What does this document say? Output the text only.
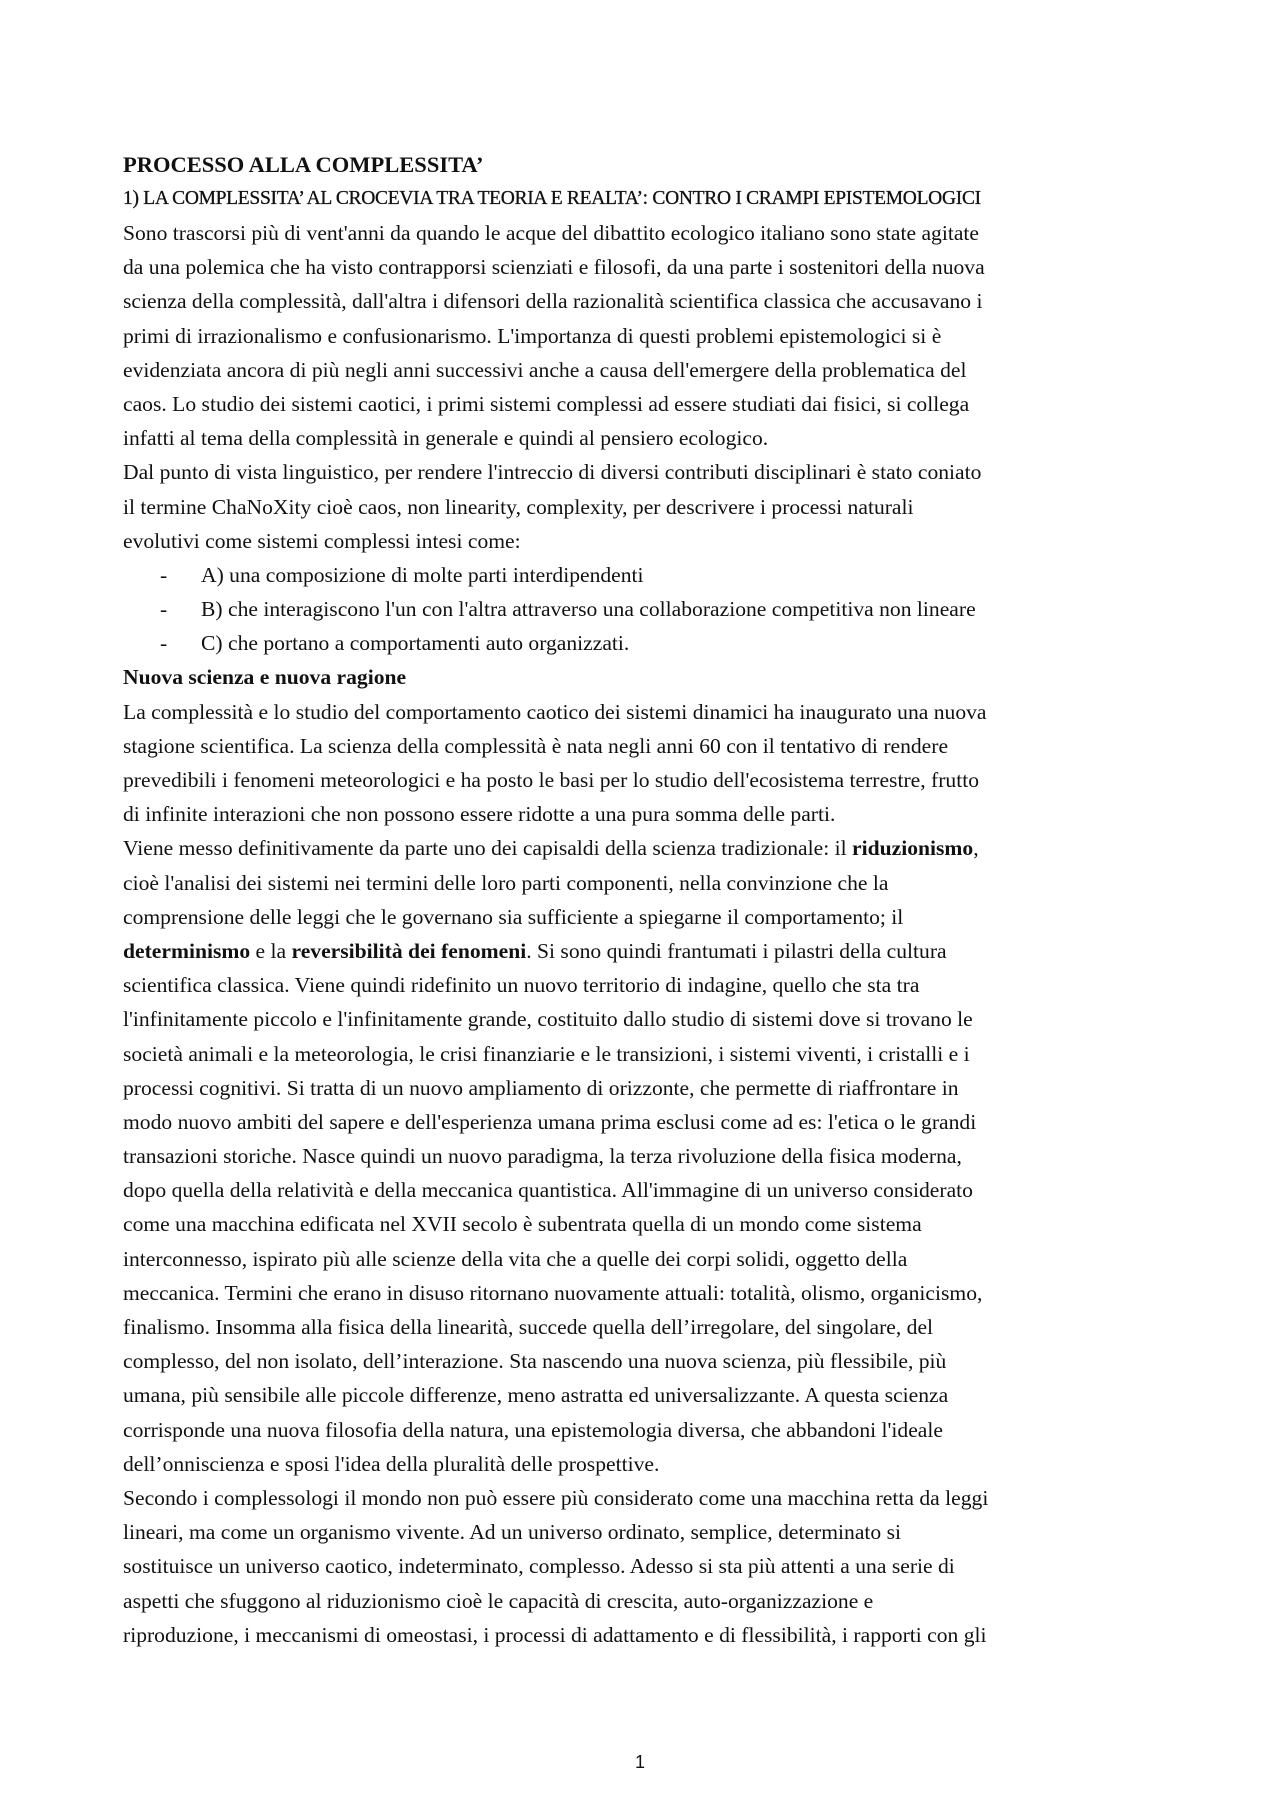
PROCESSO ALLA COMPLESSITA’
1) LA COMPLESSITA’ AL CROCEVIA TRA TEORIA E REALTA’: CONTRO I CRAMPI EPISTEMOLOGICI
Sono trascorsi più di vent'anni da quando le acque del dibattito ecologico italiano sono state agitate
da una polemica che ha visto contrapporsi scienziati e filosofi, da una parte i sostenitori della nuova
scienza della complessità, dall'altra i difensori della razionalità scientifica classica che accusavano i
primi di irrazionalismo e confusionarismo. L'importanza di questi problemi epistemologici si è
evidenziata ancora di più negli anni successivi anche a causa dell'emergere della problematica del
caos. Lo studio dei sistemi caotici, i primi sistemi complessi ad essere studiati dai fisici, si collega
infatti al tema della complessità in generale e quindi al pensiero ecologico.
Dal punto di vista linguistico, per rendere l'intreccio di diversi contributi disciplinari è stato coniato
il termine ChaNoXity cioè caos, non linearity, complexity, per descrivere i processi naturali
evolutivi come sistemi complessi intesi come:
- A) una composizione di molte parti interdipendenti
- B) che interagiscono l'un con l'altra attraverso una collaborazione competitiva non lineare
- C) che portano a comportamenti auto organizzati.
Nuova scienza e nuova ragione
La complessità e lo studio del comportamento caotico dei sistemi dinamici ha inaugurato una nuova
stagione scientifica. La scienza della complessità è nata negli anni 60 con il tentativo di rendere
prevedibili i fenomeni meteorologici e ha posto le basi per lo studio dell'ecosistema terrestre, frutto
di infinite interazioni che non possono essere ridotte a una pura somma delle parti.
Viene messo definitivamente da parte uno dei capisaldi della scienza tradizionale: il riduzionismo,
cioè l'analisi dei sistemi nei termini delle loro parti componenti, nella convinzione che la
comprensione delle leggi che le governano sia sufficiente a spiegarne il comportamento; il
determinismo e la reversibilità dei fenomeni. Si sono quindi frantumati i pilastri della cultura
scientifica classica. Viene quindi ridefinito un nuovo territorio di indagine, quello che sta tra
l'infinitamente piccolo e l'infinitamente grande, costituito dallo studio di sistemi dove si trovano le
società animali e la meteorologia, le crisi finanziarie e le transizioni, i sistemi viventi, i cristalli e i
processi cognitivi. Si tratta di un nuovo ampliamento di orizzonte, che permette di riaffrontare in
modo nuovo ambiti del sapere e dell'esperienza umana prima esclusi come ad es: l'etica o le grandi
transazioni storiche. Nasce quindi un nuovo paradigma, la terza rivoluzione della fisica moderna,
dopo quella della relatività e della meccanica quantistica. All'immagine di un universo considerato
come una macchina edificata nel XVII secolo è subentrata quella di un mondo come sistema
interconnesso, ispirato più alle scienze della vita che a quelle dei corpi solidi, oggetto della
meccanica. Termini che erano in disuso ritornano nuovamente attuali: totalità, olismo, organicismo,
finalismo. Insomma alla fisica della linearità, succede quella dell’irregolare, del singolare, del
complesso, del non isolato, dell’interazione. Sta nascendo una nuova scienza, più flessibile, più
umana, più sensibile alle piccole differenze, meno astratta ed universalizzante. A questa scienza
corrisponde una nuova filosofia della natura, una epistemologia diversa, che abbandoni l'ideale
dell’onniscienza e sposi l'idea della pluralità delle prospettive.
Secondo i complessologi il mondo non può essere più considerato come una macchina retta da leggi
lineari, ma come un organismo vivente. Ad un universo ordinato, semplice, determinato si
sostituisce un universo caotico, indeterminato, complesso. Adesso si sta più attenti a una serie di
aspetti che sfuggono al riduzionismo cioè le capacità di crescita, auto-organizzazione e
riproduzione, i meccanismi di omeostasi, i processi di adattamento e di flessibilità, i rapporti con gli
1
